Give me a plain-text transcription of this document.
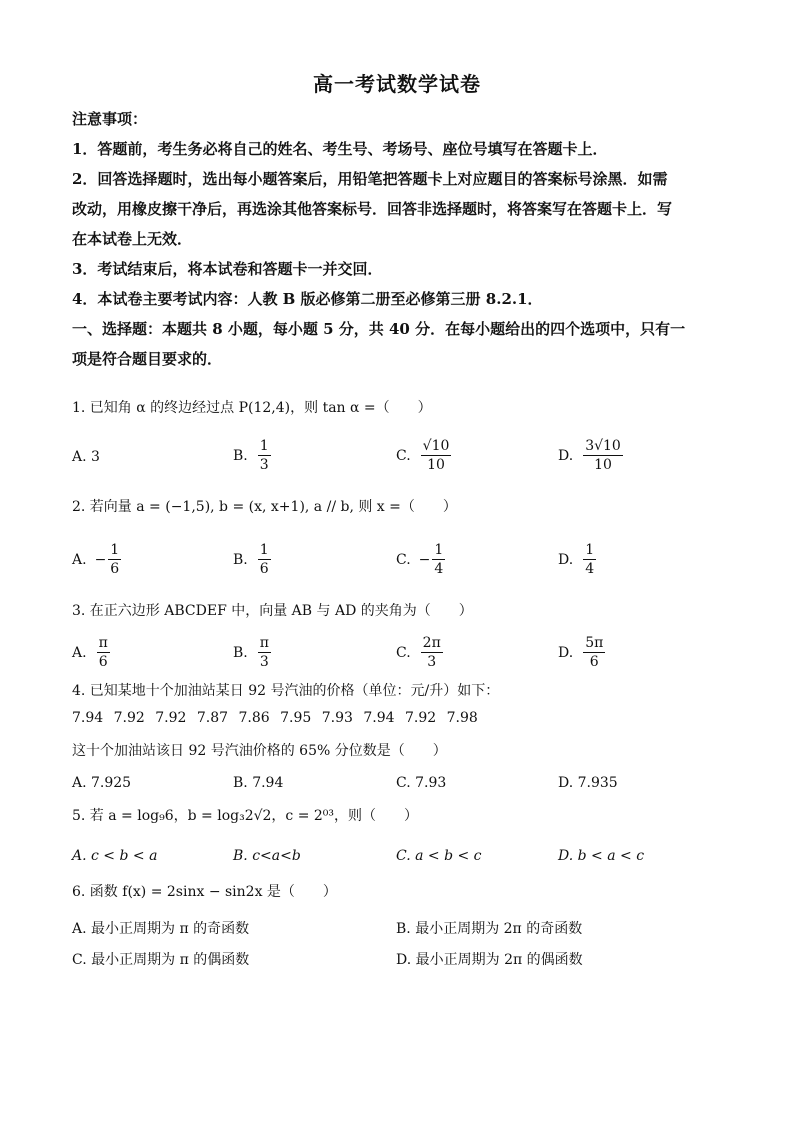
高一考试数学试卷
注意事项：
1．答题前，考生务必将自己的姓名、考生号、考场号、座位号填写在答题卡上．
2．回答选择题时，选出每小题答案后，用铅笔把答题卡上对应题目的答案标号涂黑．如需
改动，用橡皮擦干净后，再选涂其他答案标号．回答非选择题时，将答案写在答题卡上．写
在本试卷上无效．
3．考试结束后，将本试卷和答题卡一并交回．
4．本试卷主要考试内容：人教 B 版必修第二册至必修第三册 8.2.1．
一、选择题：本题共 8 小题，每小题 5 分，共 40 分．在每小题给出的四个选项中，只有一
项是符合题目要求的．
1. 已知角 α 的终边经过点 P(12,4)，则 tan α =（　　）
A. 3	B. $\frac{1}{3}$	C. $\frac{√10}{10}$	D. $\frac{3√10}{10}$
2. 若向量 a = (−1,5), b = (x, x+1), a // b, 则 x =（　　）
A. − $\frac{1}{6}$	B. $\frac{1}{6}$	C. − $\frac{1}{4}$	D. $\frac{1}{4}$
3. 在正六边形 ABCDEF 中，向量 AB 与 AD 的夹角为（　　）
A. $\frac{\pi}{6}$	B. $\frac{\pi}{3}$	C. $\frac{2\pi}{3}$	D. $\frac{5\pi}{6}$
4. 已知某地十个加油站某日 92 号汽油的价格（单位：元/升）如下：
7.94 7.92 7.92 7.87 7.86 7.95 7.93 7.94 7.92 7.98
这十个加油站该日 92 号汽油价格的 65% 分位数是（　　）
A. 7.925	B. 7.94	C. 7.93	D. 7.935
5. 若 a = log₉6，b = log₃2√2，c = 2⁰³，则（　　）
A. c < b < a	B. c<a<b	C. a < b < c	D. b < a < c
6. 函数 f(x) = 2sinx − sin2x 是（　　）
A. 最小正周期为 π 的奇函数	B. 最小正周期为 2π 的奇函数
C. 最小正周期为 π 的偶函数	D. 最小正周期为 2π 的偶函数
